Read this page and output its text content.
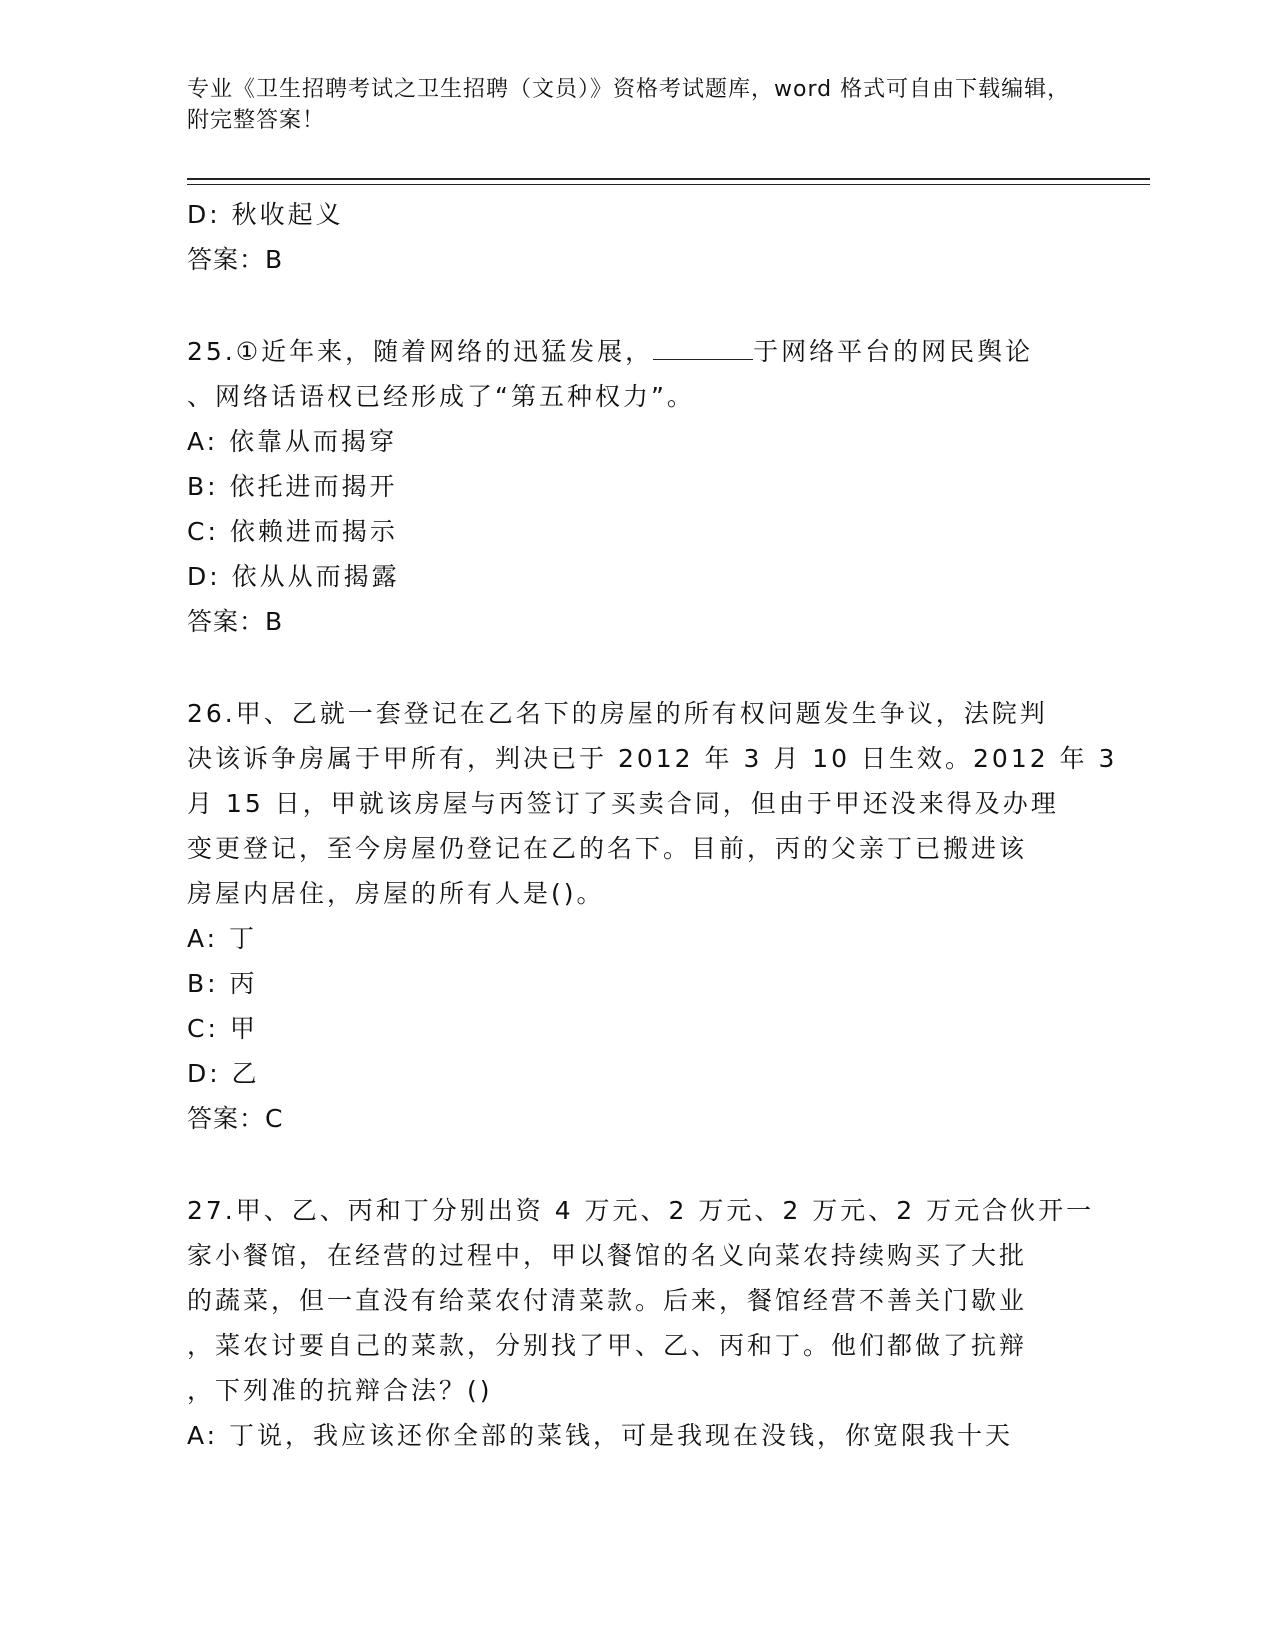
专业《卫生招聘考试之卫生招聘（文员）》资格考试题库，word 格式可自由下载编辑，附完整答案！
D: 秋收起义
答案：B
25.①近年来，随着网络的迅猛发展，	于网络平台的网民舆论
、网络话语权已经形成了“第五种权力”。
A: 依靠从而揭穿
B: 依托进而揭开
C: 依赖进而揭示
D: 依从从而揭露
答案：B
26.甲、乙就一套登记在乙名下的房屋的所有权问题发生争议，法院判
决该诉争房属于甲所有，判决已于 2012 年 3 月 10 日生效。2012 年 3
月 15 日，甲就该房屋与丙签订了买卖合同，但由于甲还没来得及办理
变更登记，至今房屋仍登记在乙的名下。目前，丙的父亲丁已搬进该
房屋内居住，房屋的所有人是()。
A: 丁
B: 丙
C: 甲
D: 乙
答案：C
27.甲、乙、丙和丁分别出资 4 万元、2 万元、2 万元、2 万元合伙开一
家小餐馆，在经营的过程中，甲以餐馆的名义向菜农持续购买了大批
的蔬菜，但一直没有给菜农付清菜款。后来，餐馆经营不善关门歇业
，菜农讨要自己的菜款，分别找了甲、乙、丙和丁。他们都做了抗辩
，下列准的抗辩合法？()
A: 丁说，我应该还你全部的菜钱，可是我现在没钱，你宽限我十天
